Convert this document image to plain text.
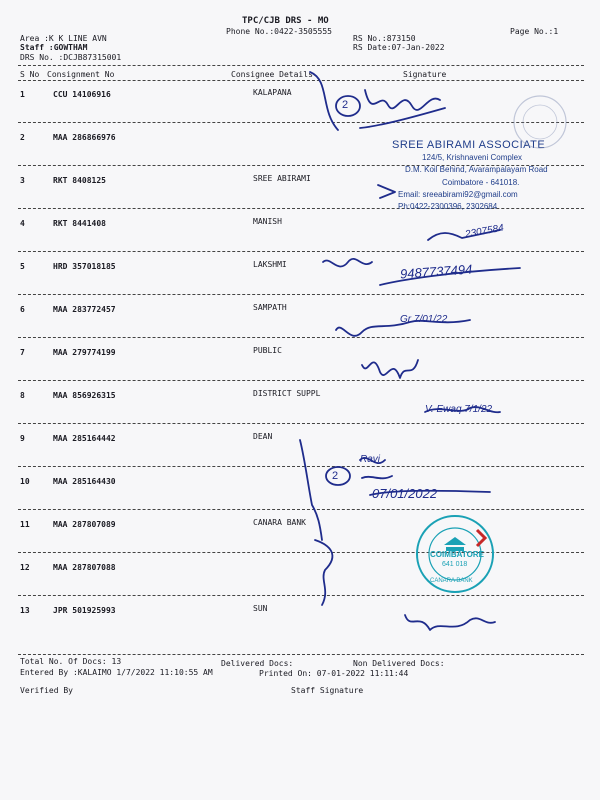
TPC/CJB DRS - MO
Phone No.:0422-3505555	Page No.:1
Area :K K LINE AVN
Staff :GOWTHAM
DRS No. :DCJB87315001
RS No.:873150
RS Date:07-Jan-2022
S No Consignment No	Consignee Details	Signature
1	CCU 14106916	KALAPANA
2	MAA 286866976
3	RKT 8408125	SREE ABIRAMI
4	RKT 8441408	MANISH
5	HRD 357018185	LAKSHMI
6	MAA 283772457	SAMPATH
7	MAA 279774199	PUBLIC
8	MAA 856926315	DISTRICT SUPPL
9	MAA 285164442	DEAN
10	MAA 285164430
11	MAA 287807089	CANARA BANK
12	MAA 287807088
13	JPR 501925993	SUN
Total No. Of Docs: 13	Delivered Docs:	Non Delivered Docs:
Entered By :KALAIMO 1/7/2022 11:10:55 AM	Printed On: 07-01-2022 11:11:44
Verified By	Staff Signature
SREE ABIRAMI ASSOCIATE
124/5, Krishnaveni Complex
D.M. Koil Behind, Avarampalayam Road
Coimbatore - 641018.
Email: sreeabirami92@gmail.com
Ph:0422-2300396, 2302684
COIMBATORE
641 018
CANARA BANK
2
2
2307584
9487737494
Gr 7/01/22
V. Ewaq 7/1/22
Ravi
07/01/2022
